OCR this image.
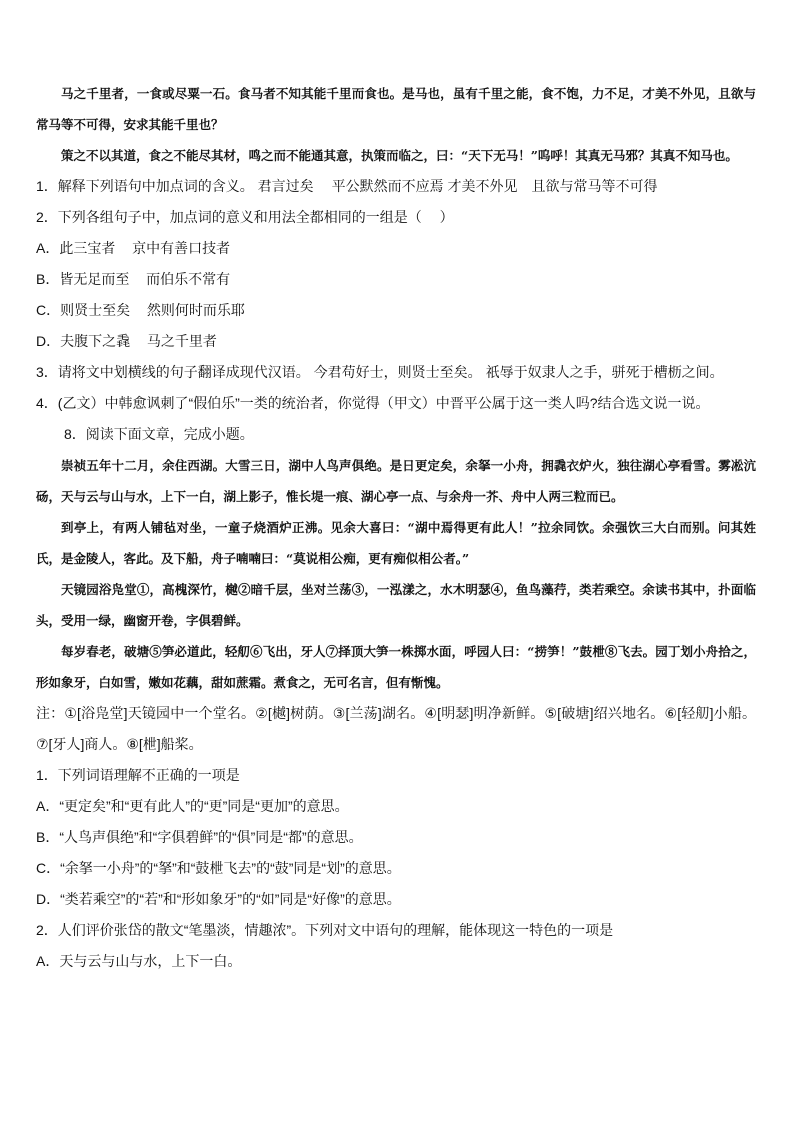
马之千里者，一食或尽粟一石。食马者不知其能千里而食也。是马也，虽有千里之能，食不饱，力不足，才美不外见，且欲与常马等不可得，安求其能千里也？

策之不以其道，食之不能尽其材，鸣之而不能通其意，执策而临之，曰：“天下无马！”呜呼！其真无马邪？其真不知马也。

1．解释下列语句中加点词的含义。 君言过矣　 平公默然而不应焉 才美不外见　且欲与常马等不可得

2．下列各组句子中，加点词的意义和用法全都相同的一组是（　 ）

A．此三宝者 京中有善口技者

B．皆无足而至 而伯乐不常有

C．则贤士至矣 然则何时而乐耶

D．夫腹下之毳 马之千里者

3．请将文中划横线的句子翻译成现代汉语。 今君苟好士，则贤士至矣。 祇辱于奴隶人之手，骈死于槽枥之间。

4．(乙文）中韩愈讽刺了“假伯乐”一类的统治者，你觉得（甲文）中晋平公属于这一类人吗?结合选文说一说。

8．阅读下面文章，完成小题。

崇祯五年十二月，余住西湖。大雪三日，湖中人鸟声俱绝。是日更定矣，余拏一小舟，拥毳衣炉火，独往湖心亭看雪。雾凇沆砀，天与云与山与水，上下一白，湖上影子，惟长堤一痕、湖心亭一点、与余舟一芥、舟中人两三粒而已。

到亭上，有两人铺毡对坐，一童子烧酒炉正沸。见余大喜曰：“湖中焉得更有此人！”拉余同饮。余强饮三大白而别。问其姓氏，是金陵人，客此。及下船，舟子喃喃曰：“莫说相公痴，更有痴似相公者。”

天镜园浴凫堂①，高槐深竹，樾②暗千层，坐对兰荡③，一泓漾之，水木明瑟④，鱼鸟藻荇，类若乘空。余读书其中，扑面临头，受用一绿，幽窗开卷，字俱碧鲜。

每岁春老，破塘⑤笋必道此，轻舠⑥飞出，牙人⑦择顶大笋一株掷水面，呼园人曰：“捞笋！”鼓枻⑧飞去。园丁划小舟拾之，形如象牙，白如雪，嫩如花藕，甜如蔗霜。煮食之，无可名言，但有惭愧。

注：①[浴凫堂]天镜园中一个堂名。②[樾]树荫。③[兰荡]湖名。④[明瑟]明净新鲜。⑤[破塘]绍兴地名。⑥[轻舠]小船。⑦[牙人]商人。⑧[枻]船桨。

1．下列词语理解不正确的一项是

A．“更定矣”和“更有此人”的“更”同是“更加”的意思。

B．“人鸟声俱绝”和“字俱碧鲜”的“俱”同是“都”的意思。

C．“余拏一小舟”的“拏”和“鼓枻飞去”的“鼓”同是“划”的意思。

D．“类若乘空”的“若”和“形如象牙”的“如”同是“好像”的意思。

2．人们评价张岱的散文“笔墨淡，情趣浓”。下列对文中语句的理解，能体现这一特色的一项是

A．天与云与山与水，上下一白。
